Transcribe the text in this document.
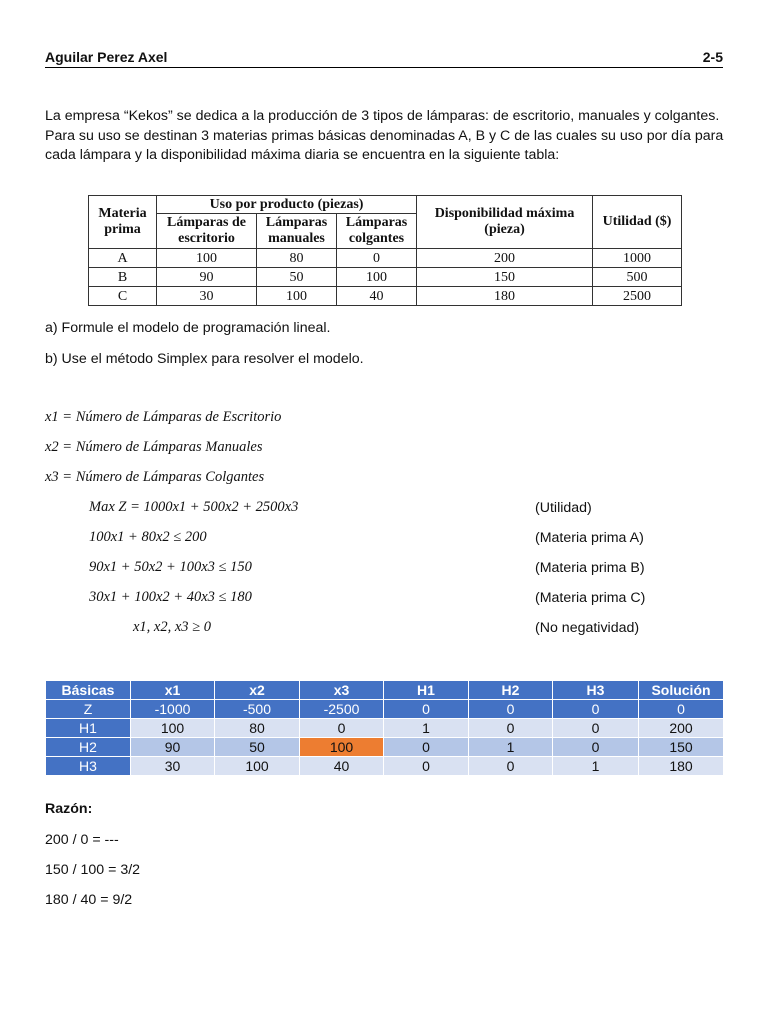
Aguilar Perez Axel	2-5
La empresa “Kekos” se dedica a la producción de 3 tipos de lámparas: de escritorio, manuales y colgantes. Para su uso se destinan 3 materias primas básicas denominadas A, B y C de las cuales su uso por día para cada lámpara y la disponibilidad máxima diaria se encuentra en la siguiente tabla:
Materia prima	Uso por producto (piezas)			Disponibilidad máxima (pieza)	Utilidad ($)
	Lámparas de escritorio	Lámparas manuales	Lámparas colgantes		
A	100	80	0	200	1000
B	90	50	100	150	500
C	30	100	40	180	2500
a) Formule el modelo de programación lineal.
b) Use el método Simplex para resolver el modelo.
x1 = Número de Lámparas de Escritorio
x2 = Número de Lámparas Manuales
x3 = Número de Lámparas Colgantes
Max Z = 1000x1 + 500x2 + 2500x3	(Utilidad)
100x1 + 80x2 ≤ 200	(Materia prima A)
90x1 + 50x2 + 100x3 ≤ 150	(Materia prima B)
30x1 + 100x2 + 40x3 ≤ 180	(Materia prima C)
x1, x2, x3 ≥ 0	(No negatividad)
Básicas	x1	x2	x3	H1	H2	H3	Solución
Z	-1000	-500	-2500	0	0	0	0
H1	100	80	0	1	0	0	200
H2	90	50	100	0	1	0	150
H3	30	100	40	0	0	1	180
Razón:
200 / 0 = ---
150 / 100 = 3/2
180 / 40 = 9/2
